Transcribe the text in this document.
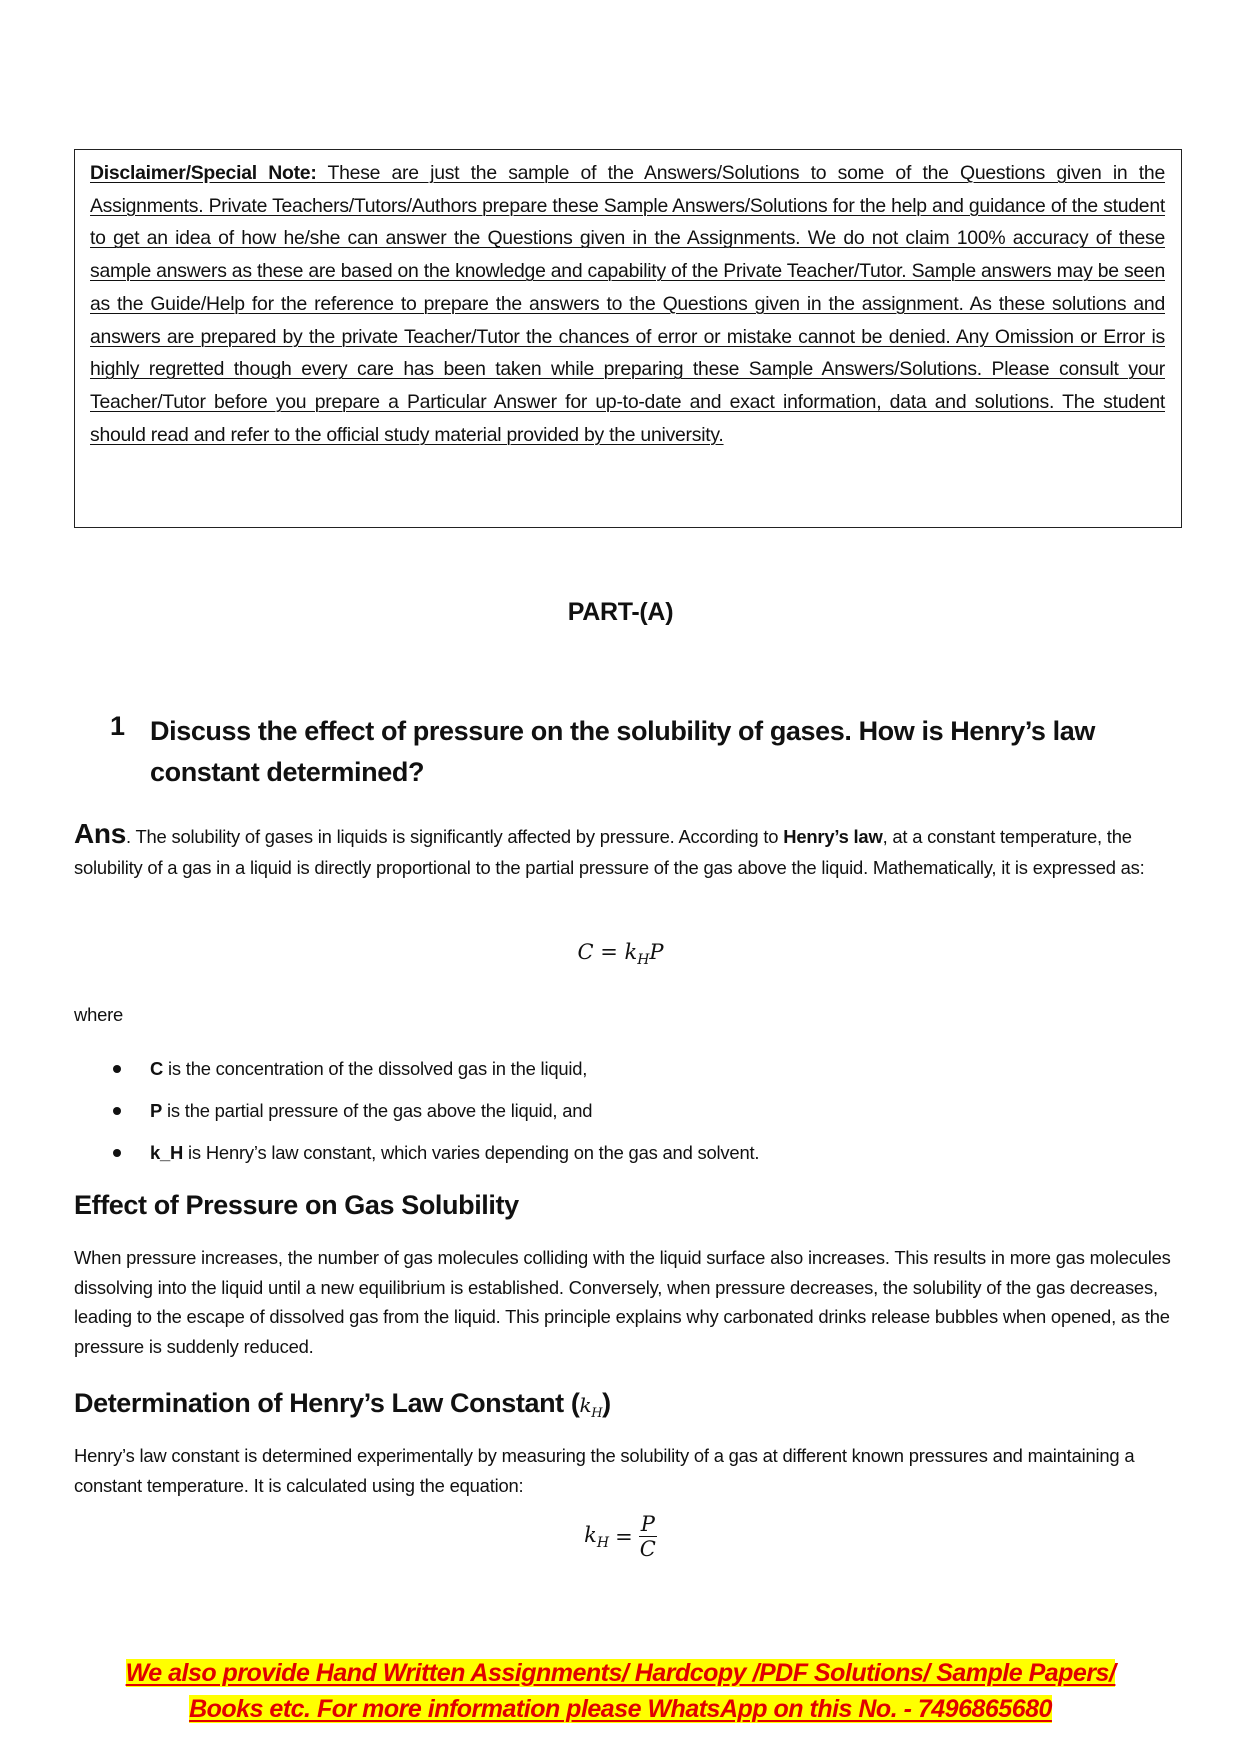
Disclaimer/Special Note: These are just the sample of the Answers/Solutions to some of the Questions given in the Assignments. Private Teachers/Tutors/Authors prepare these Sample Answers/Solutions for the help and guidance of the student to get an idea of how he/she can answer the Questions given in the Assignments. We do not claim 100% accuracy of these sample answers as these are based on the knowledge and capability of the Private Teacher/Tutor. Sample answers may be seen as the Guide/Help for the reference to prepare the answers to the Questions given in the assignment. As these solutions and answers are prepared by the private Teacher/Tutor the chances of error or mistake cannot be denied. Any Omission or Error is highly regretted though every care has been taken while preparing these Sample Answers/Solutions. Please consult your Teacher/Tutor before you prepare a Particular Answer for up-to-date and exact information, data and solutions. The student should read and refer to the official study material provided by the university.
PART-(A)
1 Discuss the effect of pressure on the solubility of gases. How is Henry’s law constant determined?
Ans. The solubility of gases in liquids is significantly affected by pressure. According to Henry’s law, at a constant temperature, the solubility of a gas in a liquid is directly proportional to the partial pressure of the gas above the liquid. Mathematically, it is expressed as:
$C = k_HP$
where
C is the concentration of the dissolved gas in the liquid,
P is the partial pressure of the gas above the liquid, and
k_H is Henry’s law constant, which varies depending on the gas and solvent.
Effect of Pressure on Gas Solubility
When pressure increases, the number of gas molecules colliding with the liquid surface also increases. This results in more gas molecules dissolving into the liquid until a new equilibrium is established. Conversely, when pressure decreases, the solubility of the gas decreases, leading to the escape of dissolved gas from the liquid. This principle explains why carbonated drinks release bubbles when opened, as the pressure is suddenly reduced.
Determination of Henry’s Law Constant $(k_H)$
Henry’s law constant is determined experimentally by measuring the solubility of a gas at different known pressures and maintaining a constant temperature. It is calculated using the equation:
$k_H = \frac{P}{C}$
We also provide Hand Written Assignments/ Hardcopy /PDF Solutions/ Sample Papers/
Books etc. For more information please WhatsApp on this No. - 7496865680
